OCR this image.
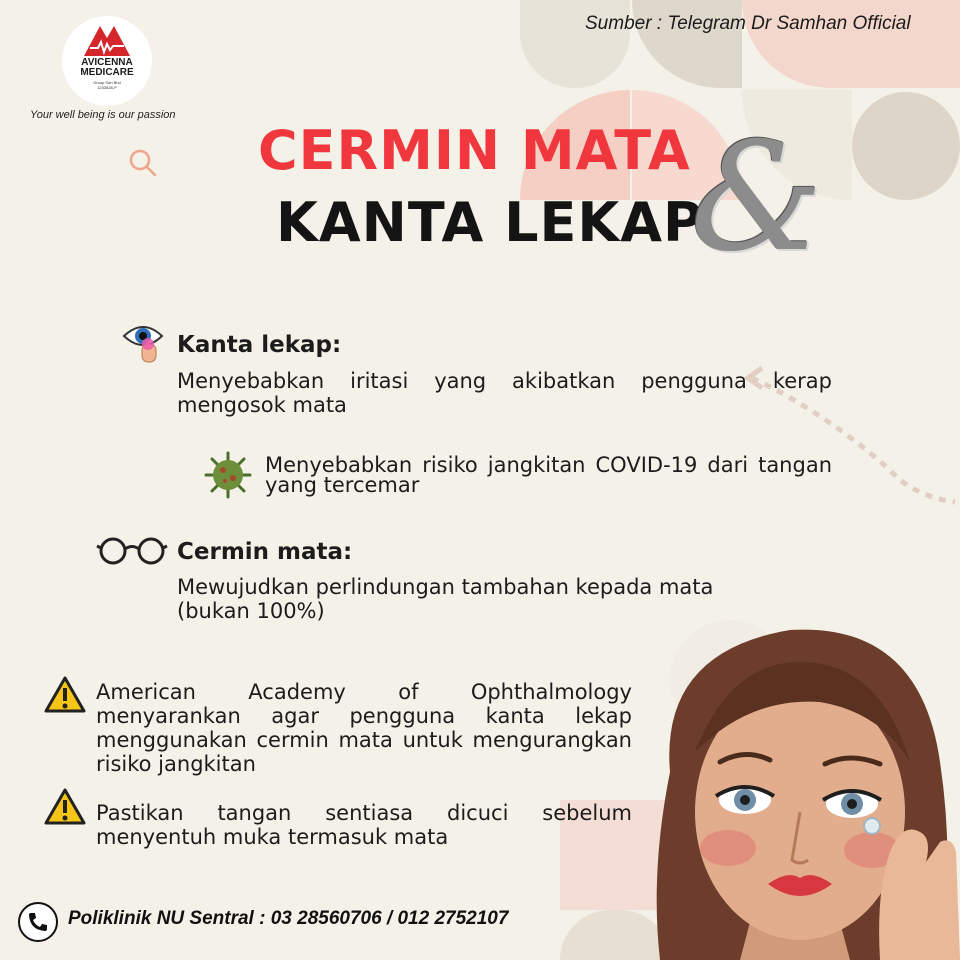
AVICENNA
MEDICARE
Group Sdn Bhd
1243828-P
Your well being is our passion
Sumber : Telegram Dr Samhan Official
CERMIN MATA
KANTA LEKAP
&
Kanta lekap:
Menyebabkan iritasi yang akibatkan pengguna kerap mengosok mata
Menyebabkan risiko jangkitan COVID-19 dari tangan yang tercemar
Cermin mata:
Mewujudkan perlindungan tambahan kepada mata (bukan 100%)
American Academy of Ophthalmology menyarankan agar pengguna kanta lekap menggunakan cermin mata untuk mengurangkan risiko jangkitan
Pastikan tangan sentiasa dicuci sebelum menyentuh muka termasuk mata
Poliklinik NU Sentral : 03 28560706 / 012 2752107
